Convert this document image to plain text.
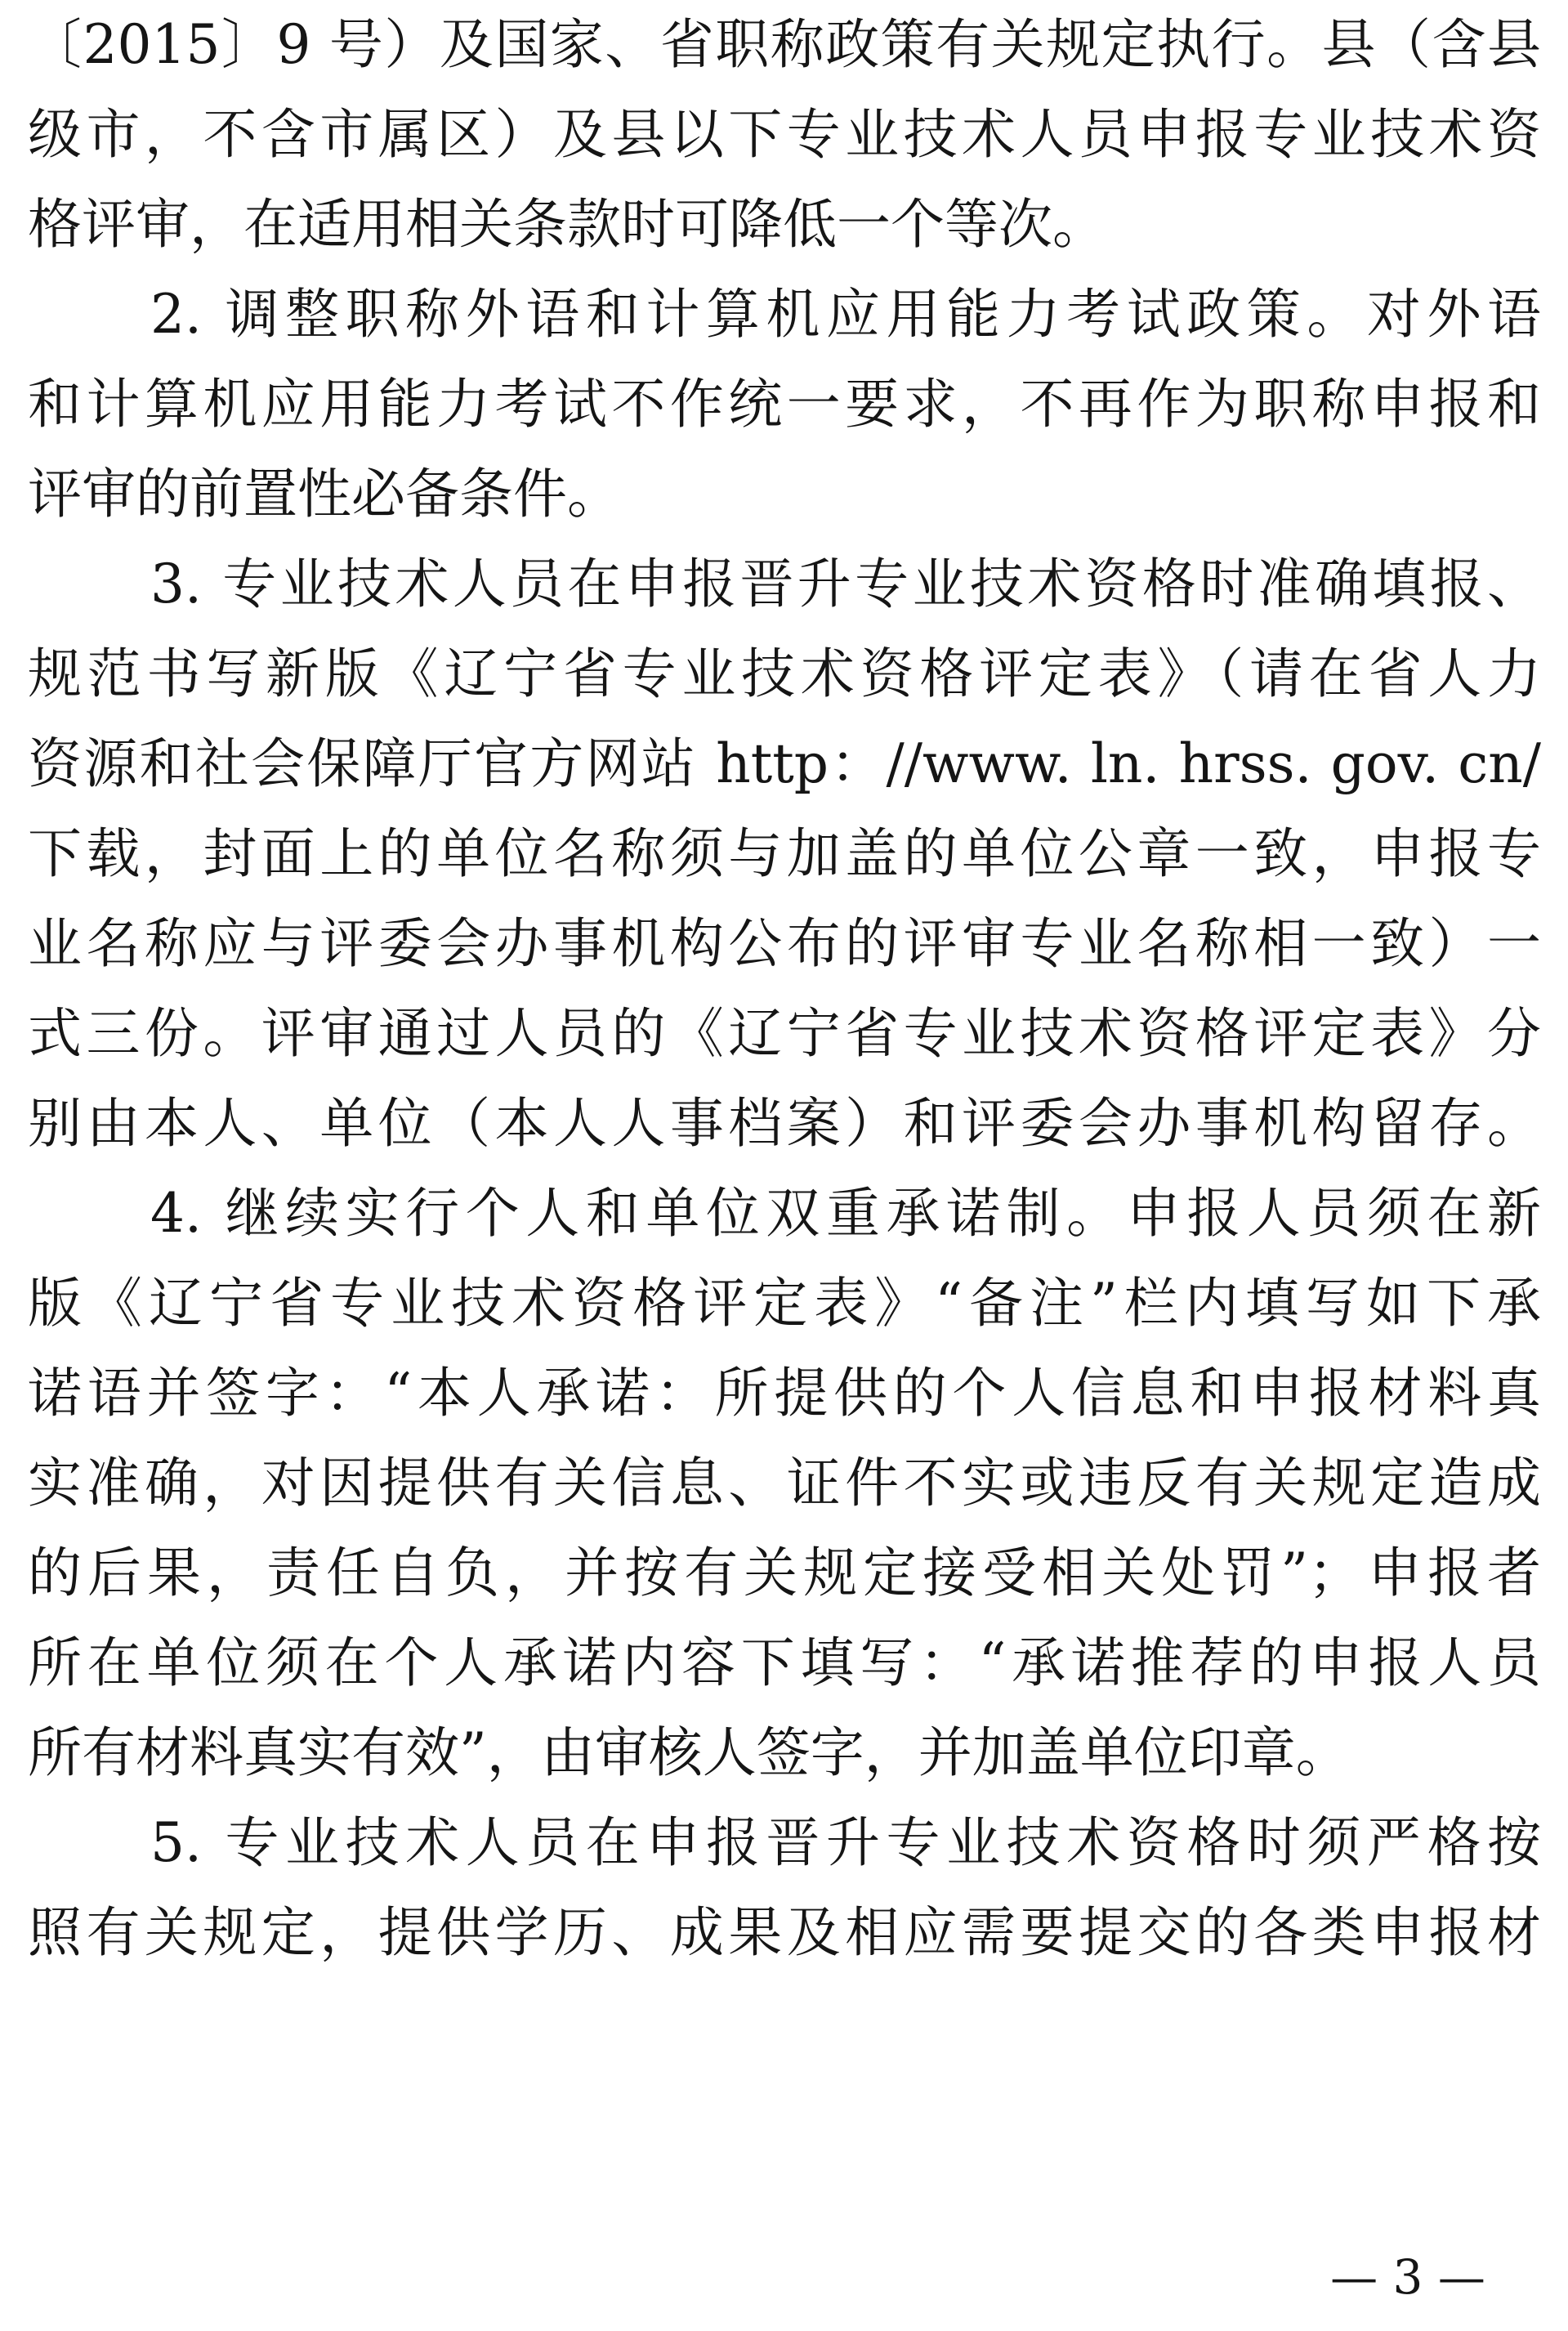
〔2015〕9 号）及国家、省职称政策有关规定执行。县（含县
级市，不含市属区）及县以下专业技术人员申报专业技术资
格评审，在适用相关条款时可降低一个等次。
2. 调整职称外语和计算机应用能力考试政策。对外语
和计算机应用能力考试不作统一要求，不再作为职称申报和
评审的前置性必备条件。
3. 专业技术人员在申报晋升专业技术资格时准确填报、
规范书写新版《辽宁省专业技术资格评定表》（请在省人力
资源和社会保障厅官方网站 http：//www. ln. hrss. gov. cn/
下载，封面上的单位名称须与加盖的单位公章一致，申报专
业名称应与评委会办事机构公布的评审专业名称相一致）一
式三份。评审通过人员的《辽宁省专业技术资格评定表》分
别由本人、单位（本人人事档案）和评委会办事机构留存。
4. 继续实行个人和单位双重承诺制。申报人员须在新
版《辽宁省专业技术资格评定表》“备注”栏内填写如下承
诺语并签字：“本人承诺：所提供的个人信息和申报材料真
实准确，对因提供有关信息、证件不实或违反有关规定造成
的后果，责任自负，并按有关规定接受相关处罚”；申报者
所在单位须在个人承诺内容下填写：“承诺推荐的申报人员
所有材料真实有效”，由审核人签字，并加盖单位印章。
5. 专业技术人员在申报晋升专业技术资格时须严格按
照有关规定，提供学历、成果及相应需要提交的各类申报材
— 3 —
